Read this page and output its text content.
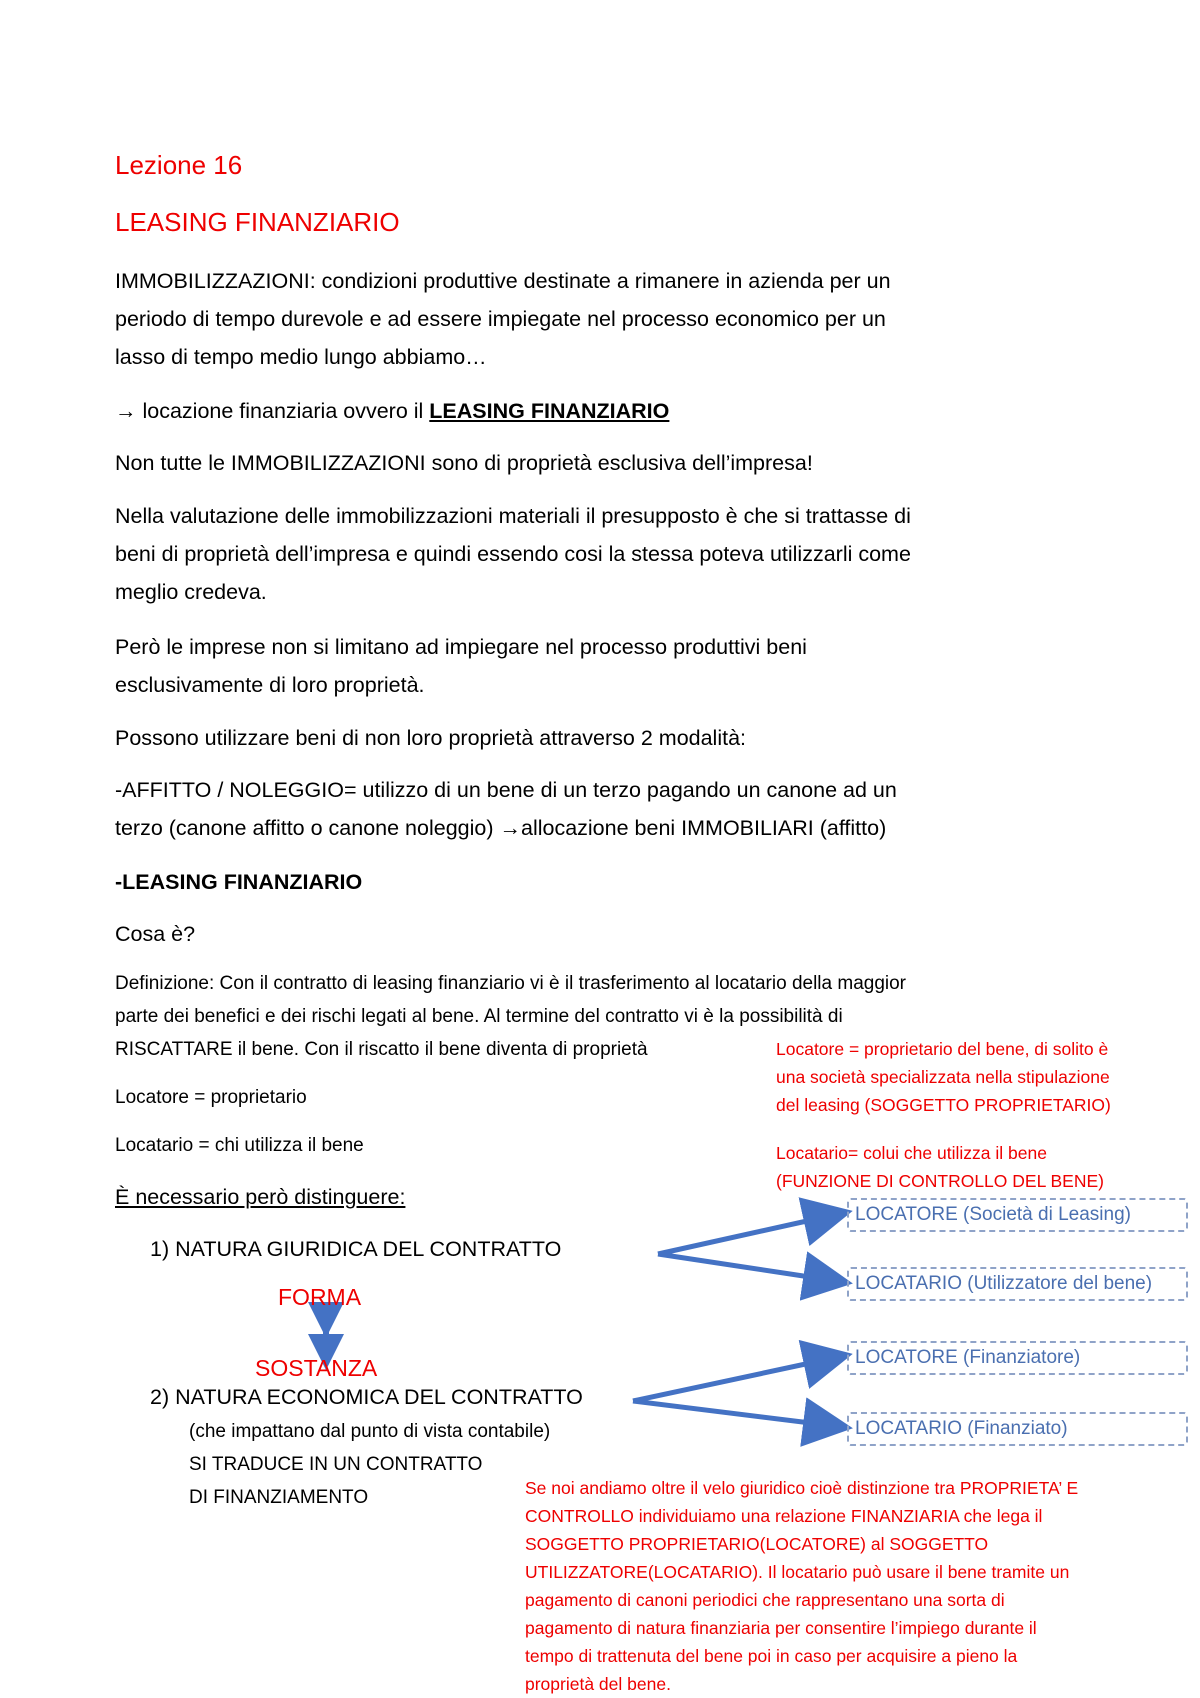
Lezione 16
LEASING FINANZIARIO
IMMOBILIZZAZIONI: condizioni produttive destinate a rimanere in azienda per un
periodo di tempo durevole e ad essere impiegate nel processo economico per un
lasso di tempo medio lungo abbiamo…
→ locazione finanziaria ovvero il LEASING FINANZIARIO
Non tutte le IMMOBILIZZAZIONI sono di proprietà esclusiva dell’impresa!
Nella valutazione delle immobilizzazioni materiali il presupposto è che si trattasse di
beni di proprietà dell’impresa e quindi essendo cosi la stessa poteva utilizzarli come
meglio credeva.
Però le imprese non si limitano ad impiegare nel processo produttivi beni
esclusivamente di loro proprietà.
Possono utilizzare beni di non loro proprietà attraverso 2 modalità:
-AFFITTO / NOLEGGIO= utilizzo di un bene di un terzo pagando un canone ad un
terzo (canone affitto o canone noleggio) →allocazione beni IMMOBILIARI (affitto)
-LEASING FINANZIARIO
Cosa è?
Definizione: Con il contratto di leasing finanziario vi è il trasferimento al locatario della maggior
parte dei benefici e dei rischi legati al bene. Al termine del contratto vi è la possibilità di
RISCATTARE il bene. Con il riscatto il bene diventa di proprietà
Locatore = proprietario
Locatario = chi utilizza il bene
È necessario però distinguere:
1) NATURA GIURIDICA DEL CONTRATTO
2) NATURA ECONOMICA DEL CONTRATTO
(che impattano dal punto di vista contabile)
SI TRADUCE IN UN CONTRATTO
DI FINANZIAMENTO
Locatore = proprietario del bene, di solito è
una società specializzata nella stipulazione
del leasing (SOGGETTO PROPRIETARIO)
Locatario= colui che utilizza il bene
(FUNZIONE DI CONTROLLO DEL BENE)
LOCATORE (Società di Leasing)
LOCATARIO (Utilizzatore del bene)
LOCATORE (Finanziatore)
LOCATARIO (Finanziato)
FORMA
SOSTANZA
Se noi andiamo oltre il velo giuridico cioè distinzione tra PROPRIETA’ E
CONTROLLO individuiamo una relazione FINANZIARIA che lega il
SOGGETTO PROPRIETARIO(LOCATORE) al SOGGETTO
UTILIZZATORE(LOCATARIO). Il locatario può usare il bene tramite un
pagamento di canoni periodici che rappresentano una sorta di
pagamento di natura finanziaria per consentire l’impiego durante il
tempo di trattenuta del bene poi in caso per acquisire a pieno la
proprietà del bene.
